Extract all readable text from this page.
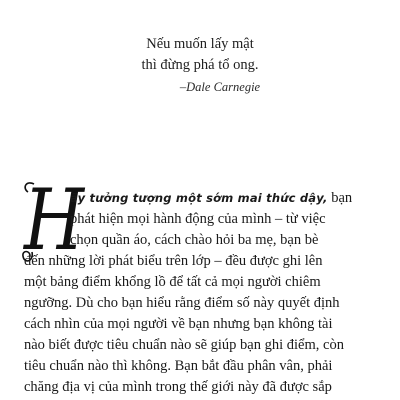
Nếu muốn lấy mật
thì đừng phá tổ ong.
–Dale Carnegie
H
ãy tưởng tượng một sớm mai thức dậy, bạn
phát hiện mọi hành động của mình – từ việc
chọn quần áo, cách chào hỏi ba mẹ, bạn bè
đến những lời phát biểu trên lớp – đều được ghi lên
một bảng điểm khổng lồ để tất cả mọi người chiêm
ngưỡng. Dù cho bạn hiểu rằng điểm số này quyết định
cách nhìn của mọi người về bạn nhưng bạn không tài
nào biết được tiêu chuẩn nào sẽ giúp bạn ghi điểm, còn
tiêu chuẩn nào thì không. Bạn bắt đầu phân vân, phải
chăng địa vị của mình trong thế giới này đã được sắp
